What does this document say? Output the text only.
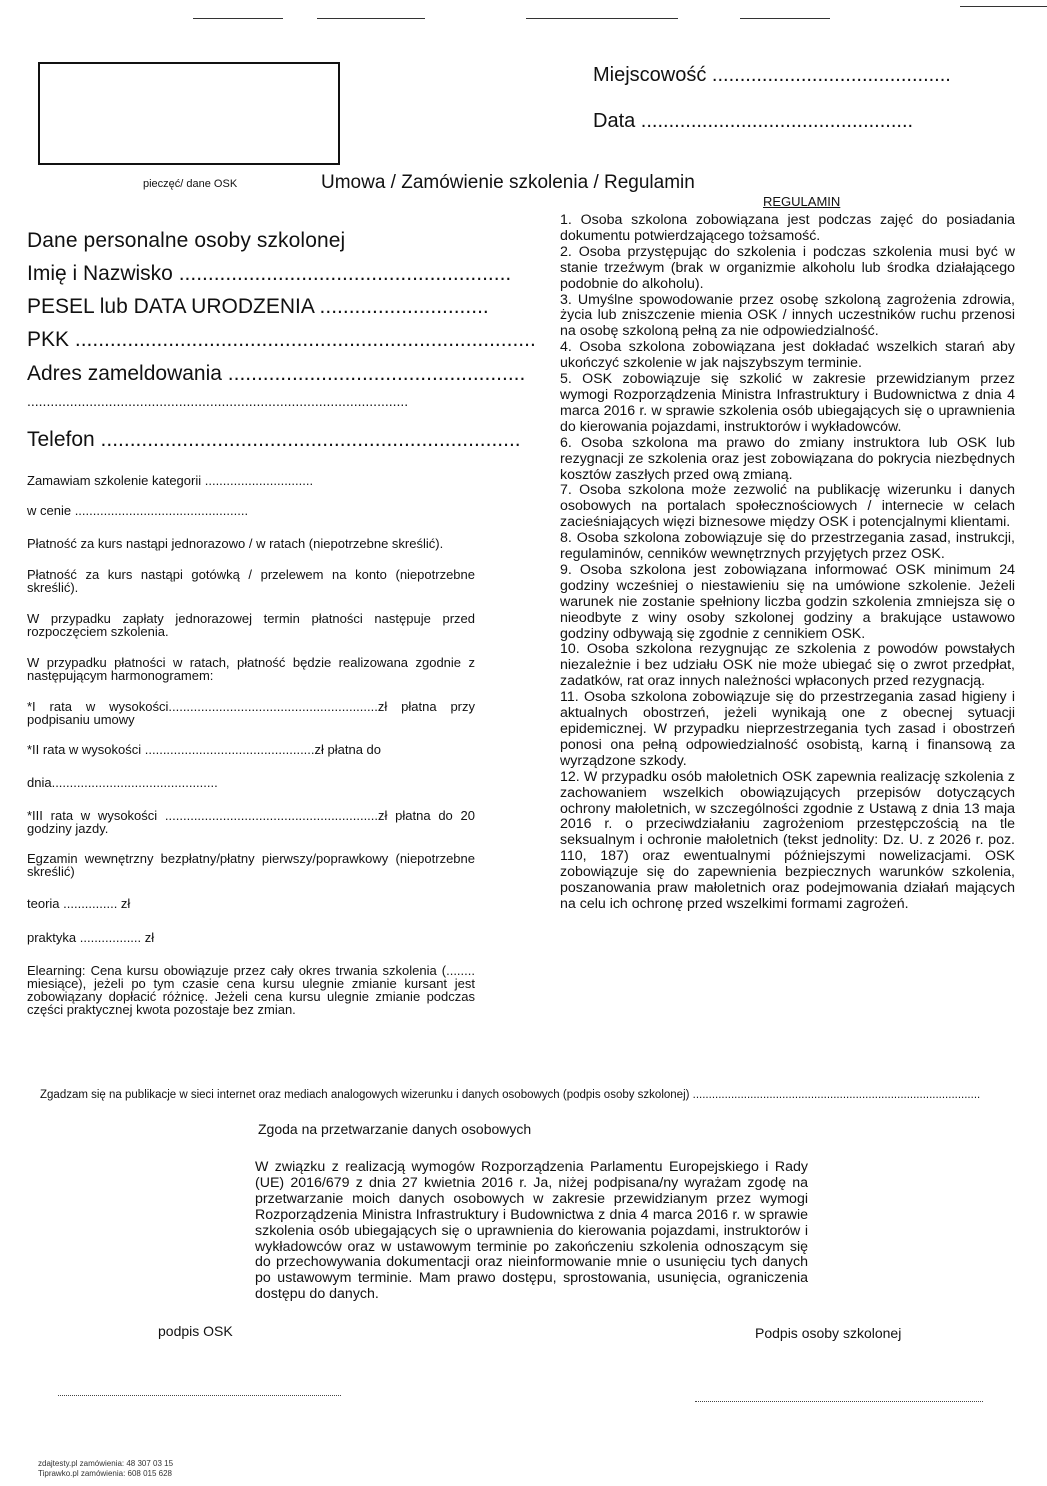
pieczęć/ dane OSK
Miejscowość ...........................................
Data .................................................
Umowa / Zamówienie szkolenia / Regulamin
Dane personalne osoby szkolonej
Imię i Nazwisko .........................................................
PESEL lub DATA URODZENIA .............................
PKK ...............................................................................
Adres zameldowania ...................................................
..................................................................................................
Telefon ........................................................................
Zamawiam szkolenie kategorii ..............................
w cenie ................................................
Płatność za kurs nastąpi jednorazowo / w ratach (niepotrzebne skreślić).
Płatność za kurs nastąpi gotówką / przelewem na konto (niepotrzebne skreślić).
W przypadku zapłaty jednorazowej termin płatności następuje przed rozpoczęciem szkolenia.
W przypadku płatności w ratach, płatność będzie realizowana zgodnie z następującym harmonogramem:
*I rata w wysokości..........................................................zł płatna przy podpisaniu umowy
*II rata w wysokości ...............................................zł płatna do
dnia..............................................
*III rata w wysokości ...........................................................zł płatna do 20 godziny jazdy.
Egzamin wewnętrzny bezpłatny/płatny pierwszy/poprawkowy (niepotrzebne skreślić)
teoria ............... zł
praktyka ................. zł
Elearning: Cena kursu obowiązuje przez cały okres trwania szkolenia (........ miesiące), jeżeli po tym czasie cena kursu ulegnie zmianie kursant jest zobowiązany dopłacić różnicę. Jeżeli cena kursu ulegnie zmianie podczas części praktycznej kwota pozostaje bez zmian.
REGULAMIN

1. Osoba szkolona zobowiązana jest podczas zajęć do posiadania dokumentu potwierdzającego tożsamość.

2. Osoba przystępując do szkolenia i podczas szkolenia musi być w stanie trzeźwym (brak w organizmie alkoholu lub środka działającego podobnie do alkoholu).

3. Umyślne spowodowanie przez osobę szkoloną zagrożenia zdrowia, życia lub zniszczenie mienia OSK / innych uczestników ruchu przenosi na osobę szkoloną pełną za nie odpowiedzialność.

4. Osoba szkolona zobowiązana jest dokładać wszelkich starań aby ukończyć szkolenie w jak najszybszym terminie.

5. OSK zobowiązuje się szkolić w zakresie przewidzianym przez wymogi Rozporządzenia Ministra Infrastruktury i Budownictwa z dnia 4 marca 2016 r. w sprawie szkolenia osób ubiegających się o uprawnienia do kierowania pojazdami, instruktorów i wykładowców.

6. Osoba szkolona ma prawo do zmiany instruktora lub OSK lub rezygnacji ze szkolenia oraz jest zobowiązana do pokrycia niezbędnych kosztów zaszłych przed ową zmianą.

7. Osoba szkolona może zezwolić na publikację wizerunku i danych osobowych na portalach społecznościowych / internecie w celach zacieśniających więzi biznesowe między OSK i potencjalnymi klientami.

8. Osoba szkolona zobowiązuje się do przestrzegania zasad, instrukcji, regulaminów, cenników wewnętrznych przyjętych przez OSK.

9. Osoba szkolona jest zobowiązana informować OSK minimum 24 godziny wcześniej o niestawieniu się na umówione szkolenie. Jeżeli warunek nie zostanie spełniony liczba godzin szkolenia zmniejsza się o nieodbyte z winy osoby szkolonej godziny a brakujące ustawowo godziny odbywają się zgodnie z cennikiem OSK.

10. Osoba szkolona rezygnując ze szkolenia z powodów powstałych niezależnie i bez udziału OSK nie może ubiegać się o zwrot przedpłat, zadatków, rat oraz innych należności wpłaconych przed rezygnacją.

11. Osoba szkolona zobowiązuje się do przestrzegania zasad higieny i aktualnych obostrzeń, jeżeli wynikają one z obecnej sytuacji epidemicznej. W przypadku nieprzestrzegania tych zasad i obostrzeń ponosi ona pełną odpowiedzialność osobistą, karną i finansową za wyrządzone szkody.

12. W przypadku osób małoletnich OSK zapewnia realizację szkolenia z zachowaniem wszelkich obowiązujących przepisów dotyczących ochrony małoletnich, w szczególności zgodnie z Ustawą z dnia 13 maja 2016 r. o przeciwdziałaniu zagrożeniom przestępczością na tle seksualnym i ochronie małoletnich (tekst jednolity: Dz. U. z 2026 r. poz. 110, 187) oraz ewentualnymi późniejszymi nowelizacjami. OSK zobowiązuje się do zapewnienia bezpiecznych warunków szkolenia, poszanowania praw małoletnich oraz podejmowania działań mających na celu ich ochronę przed wszelkimi formami zagrożeń.

Zgadzam się na publikacje w sieci internet oraz mediach analogowych wizerunku i danych osobowych (podpis osoby szkolonej) ..........................................................................................
Zgoda na przetwarzanie danych osobowych

W związku z realizacją wymogów Rozporządzenia Parlamentu Europejskiego i Rady (UE) 2016/679 z dnia 27 kwietnia 2016 r. Ja, niżej podpisana/ny wyrażam zgodę na przetwarzanie moich danych osobowych w zakresie przewidzianym przez wymogi Rozporządzenia Ministra Infrastruktury i Budownictwa z dnia 4 marca 2016 r. w sprawie szkolenia osób ubiegających się o uprawnienia do kierowania pojazdami, instruktorów i wykładowców oraz w ustawowym terminie po zakończeniu szkolenia odnoszącym się do przechowywania dokumentacji oraz nieinformowanie mnie o usunięciu tych danych po ustawowym terminie. Mam prawo dostępu, sprostowania, usunięcia, ograniczenia dostępu do danych.

podpis OSK	Podpis osoby szkolonej
zdajtesty.pl zamówienia: 48 307 03 15
Tiprawko.pl zamówienia: 608 015 628
